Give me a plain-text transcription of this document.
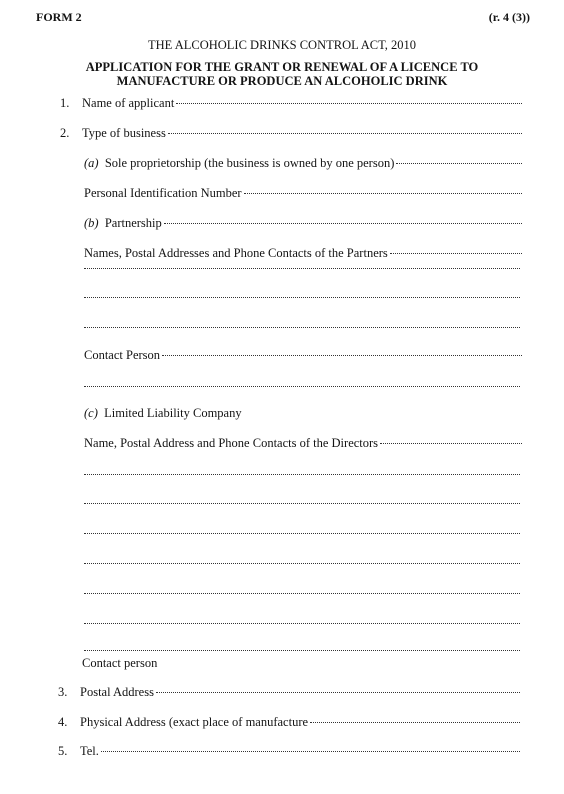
FORM 2	(r. 4 (3))
THE ALCOHOLIC DRINKS CONTROL ACT, 2010
APPLICATION FOR THE GRANT OR RENEWAL OF A LICENCE TO
MANUFACTURE OR PRODUCE AN ALCOHOLIC DRINK
1.	Name of applicant
2.	Type of business
(a) Sole proprietorship (the business is owned by one person)
Personal Identification Number
(b) Partnership
Names, Postal Addresses and Phone Contacts of the Partners
Contact Person
(c) Limited Liability Company
Name, Postal Address and Phone Contacts of the Directors
Contact person
3.	Postal Address
4.	Physical Address (exact place of manufacture
5.	Tel.
